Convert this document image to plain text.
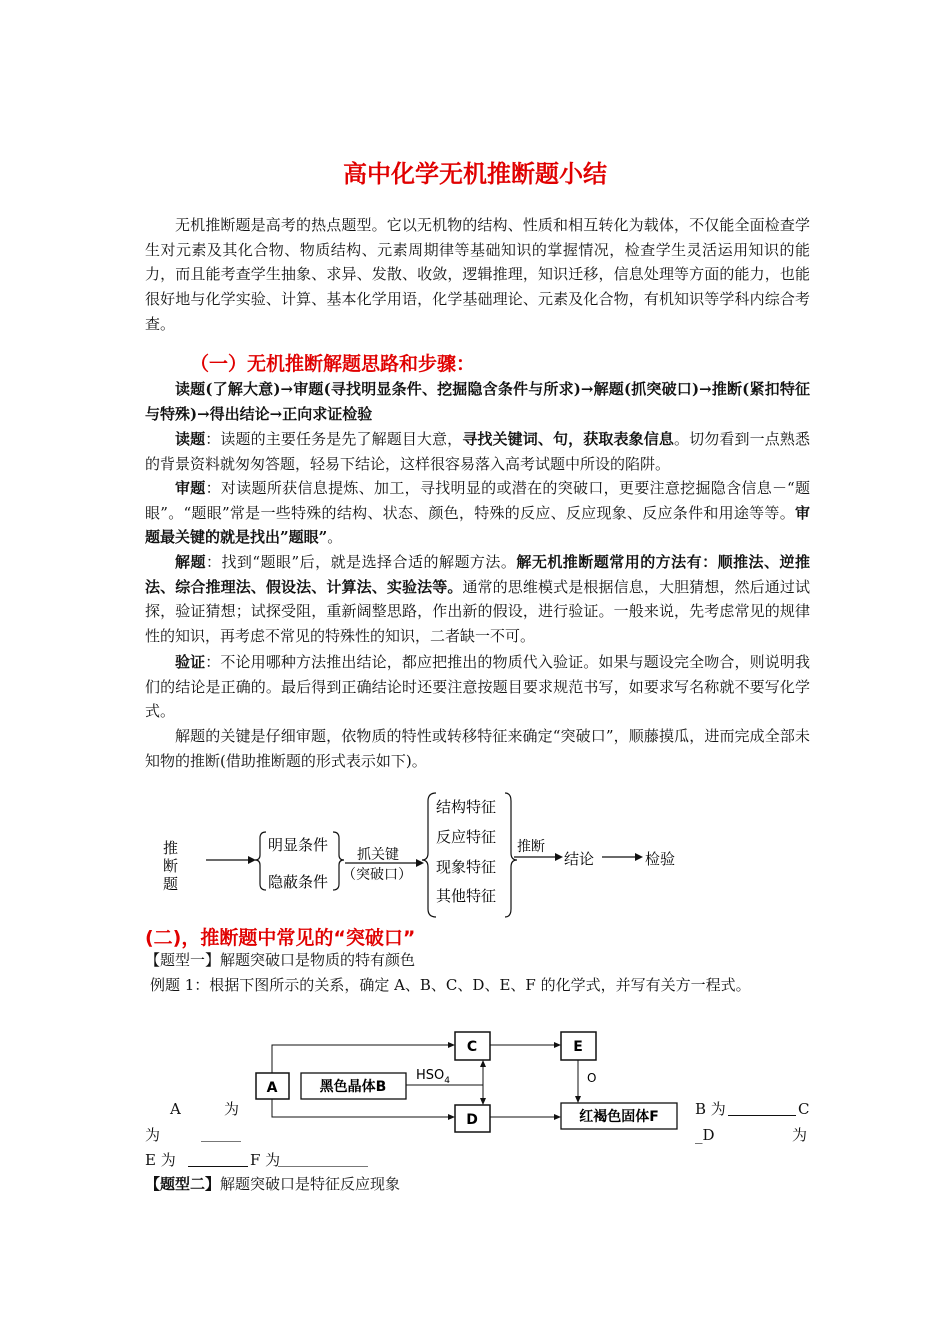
高中化学无机推断题小结

无机推断题是高考的热点题型。它以无机物的结构、性质和相互转化为载体，不仅能全面检查学生对元素及其化合物、物质结构、元素周期律等基础知识的掌握情况，检查学生灵活运用知识的能力，而且能考查学生抽象、求异、发散、收敛，逻辑推理，知识迁移，信息处理等方面的能力，也能很好地与化学实验、计算、基本化学用语，化学基础理论、元素及化合物，有机知识等学科内综合考查。

（一）无机推断解题思路和步骤：

读题(了解大意)→审题(寻找明显条件、挖掘隐含条件与所求)→解题(抓突破口)→推断(紧扣特征与特殊)→得出结论→正向求证检验

读题：读题的主要任务是先了解题目大意，寻找关键词、句，获取表象信息。切勿看到一点熟悉的背景资料就匆匆答题，轻易下结论，这样很容易落入高考试题中所设的陷阱。

审题：对读题所获信息提炼、加工，寻找明显的或潜在的突破口，更要注意挖掘隐含信息－“题眼”。“题眼”常是一些特殊的结构、状态、颜色，特殊的反应、反应现象、反应条件和用途等等。审题最关键的就是找出”题眼”。

解题：找到“题眼”后，就是选择合适的解题方法。解无机推断题常用的方法有：顺推法、逆推法、综合推理法、假设法、计算法、实验法等。通常的思维模式是根据信息，大胆猜想，然后通过试探，验证猜想；试探受阻，重新阔整思路，作出新的假设，进行验证。一般来说，先考虑常见的规律性的知识，再考虑不常见的特殊性的知识，二者缺一不可。

验证：不论用哪种方法推出结论，都应把推出的物质代入验证。如果与题设完全吻合，则说明我们的结论是正确的。最后得到正确结论时还要注意按题目要求规范书写，如要求写名称就不要写化学式。

解题的关键是仔细审题，依物质的特性或转移特征来确定“突破口”，顺藤摸瓜，进而完成全部未知物的推断(借助推断题的形式表示如下)。

推
断
题
明显条件
隐蔽条件
抓关键
（突破口）
结构特征
反应特征
现象特征
其他特征
推断
结论	检验
(二)，推断题中常见的“突破口”

【题型一】解题突破口是物质的特有颜色

例题 1：根据下图所示的关系，确定 A、B、C、D、E、F 的化学式，并写有关方一程式。

A	黑色晶体B
C
D
E
红褐色固体F
$HSO_4$	O
A	为	B 为	C
为	_D	为
E 为	F 为

【题型二】解题突破口是特征反应现象
